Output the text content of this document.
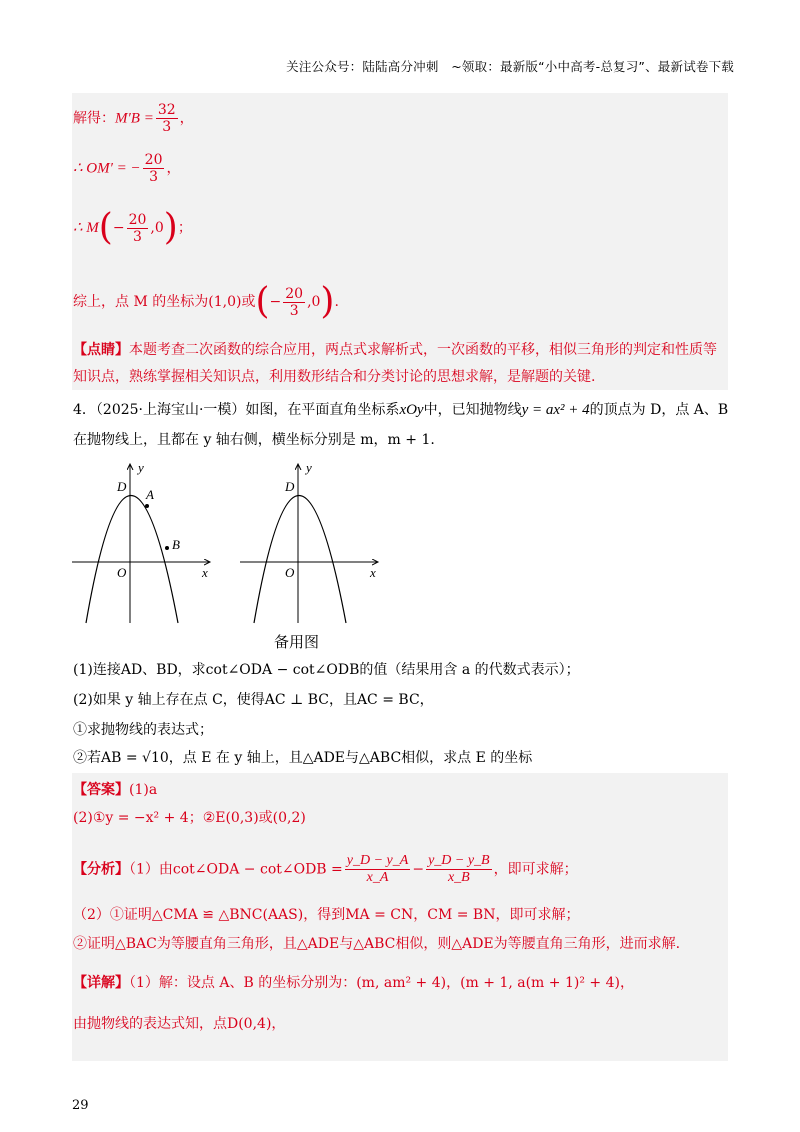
关注公众号：陆陆高分冲刺　~领取：最新版“小中高考-总复习”、最新试卷下载
解得：$M'B = \frac{32}{3}$ ，
∴ OM′ = − $\frac{20}{3}$ ，
∴ $M(- \frac{20}{3} ,0)$；
综上，点 M 的坐标为(1,0)或(− $\frac{20}{3} ,0$).
【点睛】本题考查二次函数的综合应用，两点式求解析式，一次函数的平移，相似三角形的判定和性质等
知识点，熟练掌握相关知识点，利用数形结合和分类讨论的思想求解，是解题的关键.
4．（2025·上海宝山·一模）如图，在平面直角坐标系xOy中，已知抛物线y = ax² + 4的顶点为 D，点 A、B
在抛物线上，且都在 y 轴右侧，横坐标分别是 m，m + 1.
y
x
O
D
A
B
y
x
O
D
备用图
(1)连接AD、BD，求cot∠ODA − cot∠ODB的值（结果用含 a 的代数式表示）；
(2)如果 y 轴上存在点 C，使得AC ⊥ BC，且AC = BC，
①求抛物线的表达式；
②若AB = √10，点 E 在 y 轴上，且△ADE与△ABC相似，求点 E 的坐标
【答案】(1)a
(2)①y = −x² + 4；②E(0,3)或(0,2)
【分析】（1）由cot∠ODA − cot∠ODB = $\frac{y\_D - y\_A}{x\_A} - \frac{y\_D - y\_B}{x\_B}$ ，即可求解；
（2）①证明△CMA ≌ △BNC(AAS)，得到MA = CN，CM = BN，即可求解；
②证明△BAC为等腰直角三角形，且△ADE与△ABC相似，则△ADE为等腰直角三角形，进而求解.
【详解】（1）解：设点 A、B 的坐标分别为：(m, am² + 4)，(m + 1, a(m + 1)² + 4)，
由抛物线的表达式知，点D(0,4)，
29
